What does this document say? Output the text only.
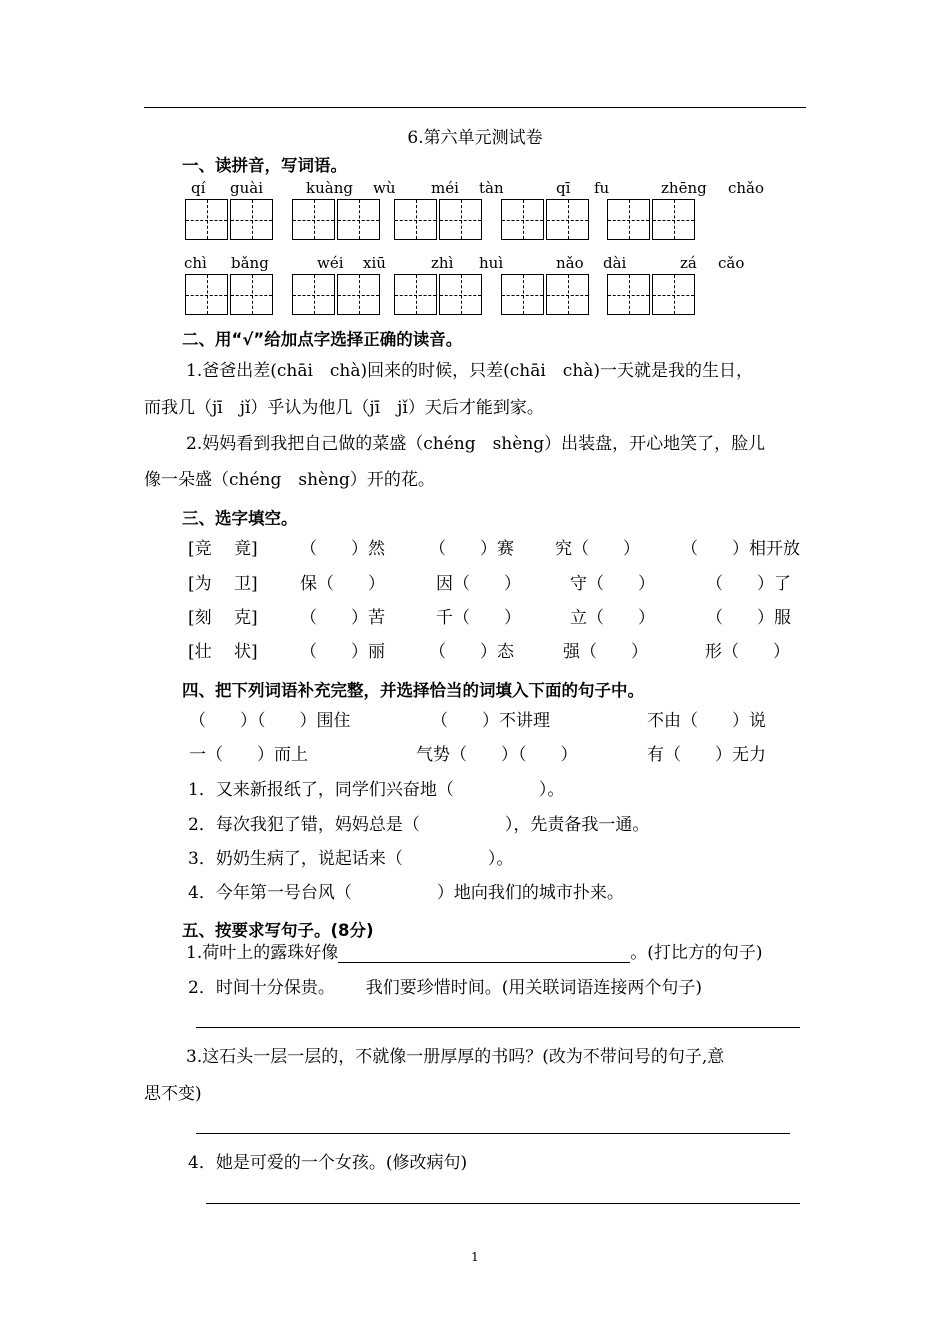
6.第六单元测试卷
一、读拼音，写词语。
qí guài	kuàng wù méi tàn	qī fu	zhēng chǎo
chì bǎng	wéi xiū	zhì huì	nǎo dài	zá cǎo
二、用“√”给加点字选择正确的读音。
1.爸爸出差(chāi　chà)回来的时候，只差(chāi　chà)一天就是我的生日，
而我几（jī　jǐ）乎认为他几（jī　jǐ）天后才能到家。
2.妈妈看到我把自己做的菜盛（chéng　shèng）出装盘，开心地笑了，脸儿
像一朵盛（chéng　shèng）开的花。
三、选字填空。
[竞　 竟] （　　）然	（　　）赛 究（　　） （　　）相开放
[为　 卫] 保（　　）	因（　　）	守（　　）	（　　）了
[刻　 克] （　　）苦	千（　　）	立（　　）	（　　）服
[壮　 状] （　　）丽	（　　）态	强（　　）	形（　　）
四、把下列词语补充完整，并选择恰当的词填入下面的句子中。
（　　）（　　）围住	（　　）不讲理	不由（　　）说
一（　　）而上	气势（　　）（　　）	有（　　）无力
1．又来新报纸了，同学们兴奋地（　　　　　）。
2．每次我犯了错，妈妈总是（　　　　　），先责备我一通。
3．奶奶生病了，说起话来（　　　　　）。
4．今年第一号台风（　　　　　）地向我们的城市扑来。
五、按要求写句子。(8分)
1.荷叶上的露珠好像	。(打比方的句子)
2．时间十分保贵。　　 我们要珍惜时间。(用关联词语连接两个句子)
3.这石头一层一层的，不就像一册厚厚的书吗？(改为不带问号的句子,意
思不变)
4．她是可爱的一个女孩。(修改病句)
1
